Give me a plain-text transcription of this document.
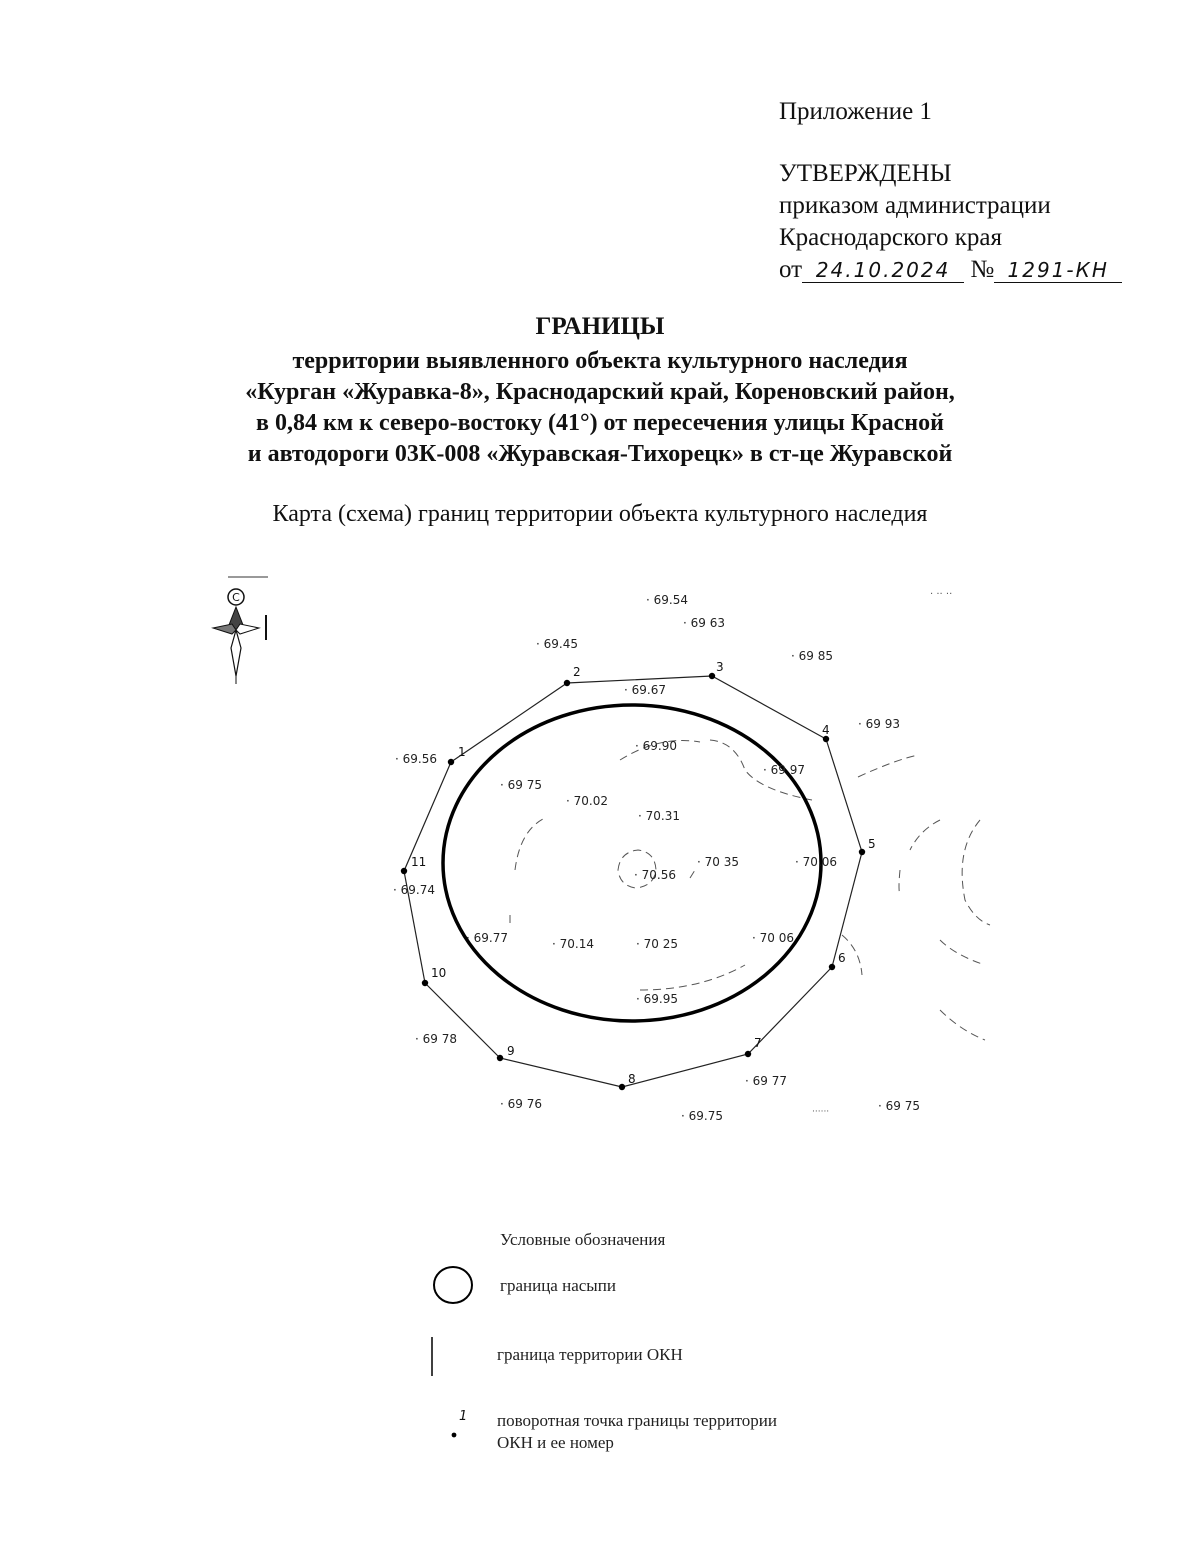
Приложение 1
УТВЕРЖДЕНЫ
приказом администрации
Краснодарского края
от 24.10.2024 № 1291-КН
ГРАНИЦЫ
территории выявленного объекта культурного наследия
«Курган «Журавка-8», Краснодарский край, Кореновский район,
в 0,84 км к северо-востоку (41°) от пересечения улицы Красной
и автодороги 03К-008 «Журавская-Тихорецк» в ст-це Журавской
Карта (схема) границ территории объекта культурного наследия
С
1
2	3
4
5
6
7
8
9
10
11
· 69.54
· 69 63
· 69.45
· 69 85
· 69.67
· 69 93
· 69.90
· 69.56
· 69 97
· 69 75
· 70.02
· 70.31
· 70 35	· 70.06
· 70.56
· 69.74
· 69.77	· 70.14	· 70 25	· 70 06
· 69.95
· 69 78
· 69 77
· 69 76
· 69.75
· 69 75
· ·· ··
······
Условные обозначения
граница насыпи
граница территории ОКН
1 поворотная точка границы территории
ОКН и ее номер
